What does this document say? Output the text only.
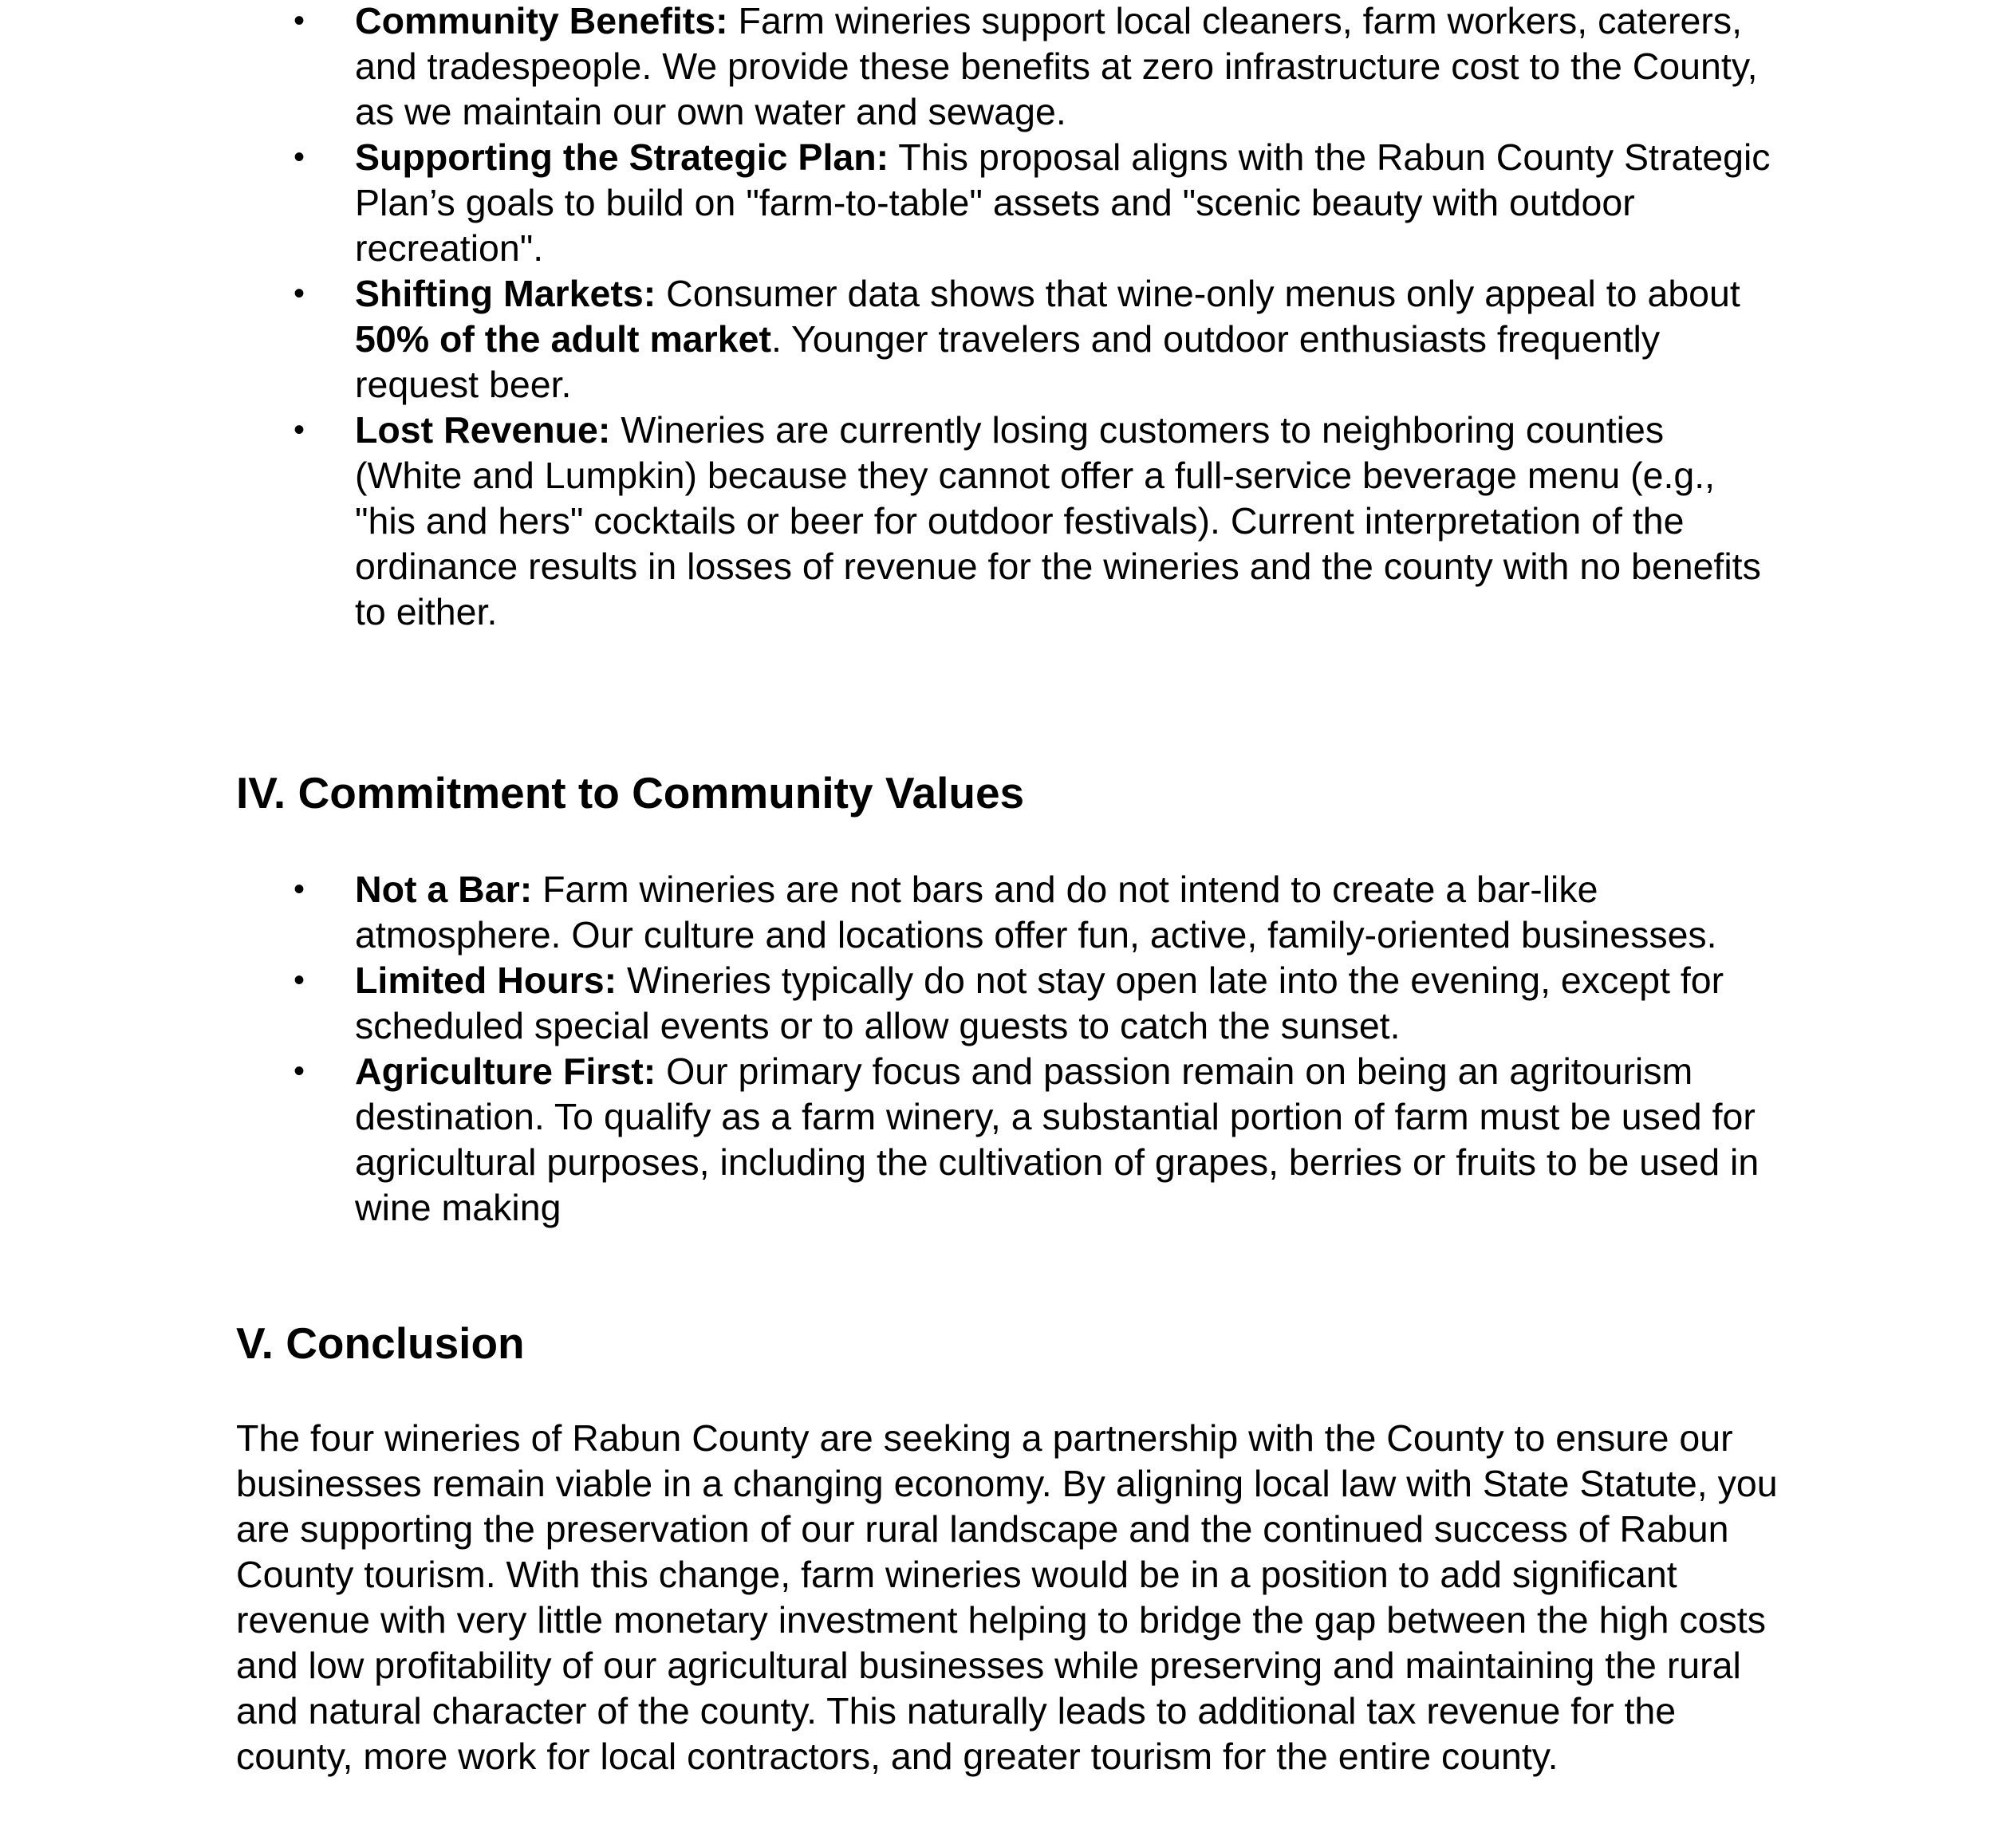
• Community Benefits: Farm wineries support local cleaners, farm workers, caterers, and tradespeople. We provide these benefits at zero infrastructure cost to the County, as we maintain our own water and sewage.
• Supporting the Strategic Plan: This proposal aligns with the Rabun County Strategic Plan’s goals to build on "farm-to-table" assets and "scenic beauty with outdoor recreation".
• Shifting Markets: Consumer data shows that wine-only menus only appeal to about 50% of the adult market. Younger travelers and outdoor enthusiasts frequently request beer.
• Lost Revenue: Wineries are currently losing customers to neighboring counties (White and Lumpkin) because they cannot offer a full-service beverage menu (e.g., "his and hers" cocktails or beer for outdoor festivals). Current interpretation of the ordinance results in losses of revenue for the wineries and the county with no benefits to either.
IV. Commitment to Community Values
• Not a Bar: Farm wineries are not bars and do not intend to create a bar-like atmosphere. Our culture and locations offer fun, active, family-oriented businesses.
• Limited Hours: Wineries typically do not stay open late into the evening, except for scheduled special events or to allow guests to catch the sunset.
• Agriculture First: Our primary focus and passion remain on being an agritourism destination. To qualify as a farm winery, a substantial portion of farm must be used for agricultural purposes, including the cultivation of grapes, berries or fruits to be used in wine making
V. Conclusion

The four wineries of Rabun County are seeking a partnership with the County to ensure our businesses remain viable in a changing economy. By aligning local law with State Statute, you are supporting the preservation of our rural landscape and the continued success of Rabun County tourism. With this change, farm wineries would be in a position to add significant revenue with very little monetary investment helping to bridge the gap between the high costs and low profitability of our agricultural businesses while preserving and maintaining the rural and natural character of the county. This naturally leads to additional tax revenue for the county, more work for local contractors, and greater tourism for the entire county.
